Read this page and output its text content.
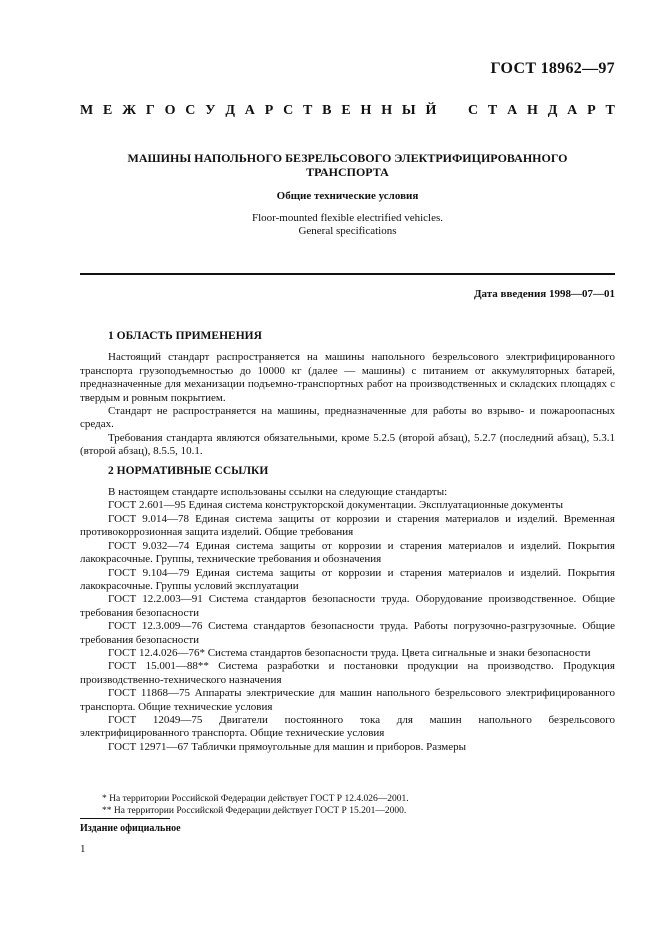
ГОСТ 18962—97
М Е Ж Г О С У Д А Р С Т В Е Н Н Ы Й С Т А Н Д А Р Т
МАШИНЫ НАПОЛЬНОГО БЕЗРЕЛЬСОВОГО ЭЛЕКТРИФИЦИРОВАННОГО
ТРАНСПОРТА
Общие технические условия
Floor-mounted flexible electrified vehicles.
General specifications
Дата введения 1998—07—01
1 ОБЛАСТЬ ПРИМЕНЕНИЯ

Настоящий стандарт распространяется на машины напольного безрельсового электрифицированного транспорта грузоподъемностью до 10000 кг (далее — машины) с питанием от аккумуляторных батарей, предназначенные для механизации подъемно-транспортных работ на производственных и складских площадях с твердым и ровным покрытием.

Стандарт не распространяется на машины, предназначенные для работы во взрыво- и пожароопасных средах.

Требования стандарта являются обязательными, кроме 5.2.5 (второй абзац), 5.2.7 (последний абзац), 5.3.1 (второй абзац), 8.5.5, 10.1.

2 НОРМАТИВНЫЕ ССЫЛКИ

В настоящем стандарте использованы ссылки на следующие стандарты:

ГОСТ 2.601—95 Единая система конструкторской документации. Эксплуатационные документы

ГОСТ 9.014—78 Единая система защиты от коррозии и старения материалов и изделий. Временная противокоррозионная защита изделий. Общие требования

ГОСТ 9.032—74 Единая система защиты от коррозии и старения материалов и изделий. Покрытия лакокрасочные. Группы, технические требования и обозначения

ГОСТ 9.104—79 Единая система защиты от коррозии и старения материалов и изделий. Покрытия лакокрасочные. Группы условий эксплуатации

ГОСТ 12.2.003—91 Система стандартов безопасности труда. Оборудование производственное. Общие требования безопасности

ГОСТ 12.3.009—76 Система стандартов безопасности труда. Работы погрузочно-разгрузочные. Общие требования безопасности

ГОСТ 12.4.026—76* Система стандартов безопасности труда. Цвета сигнальные и знаки безопасности

ГОСТ 15.001—88** Система разработки и постановки продукции на производство. Продукция производственно-технического назначения

ГОСТ 11868—75 Аппараты электрические для машин напольного безрельсового электрифицированного транспорта. Общие технические условия

ГОСТ 12049—75 Двигатели постоянного тока для машин напольного безрельсового электрифицированного транспорта. Общие технические условия

ГОСТ 12971—67 Таблички прямоугольные для машин и приборов. Размеры

* На территории Российской Федерации действует ГОСТ Р 12.4.026—2001.
** На территории Российской Федерации действует ГОСТ Р 15.201—2000.
Издание официальное
1
